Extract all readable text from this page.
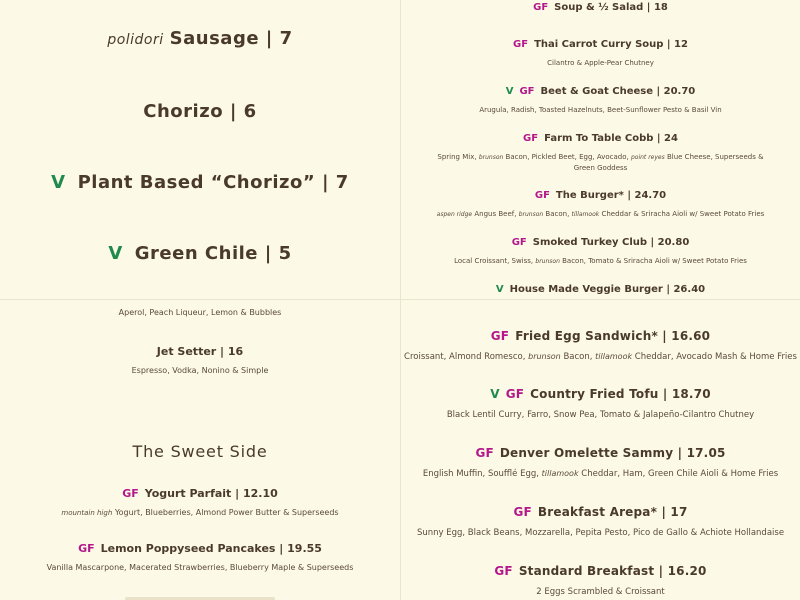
polidori Sausage | 7
Chorizo | 6
V Plant Based “Chorizo” | 7
V Green Chile | 5
GF Soup & ½ Salad | 18
GF Thai Carrot Curry Soup | 12
Cilantro & Apple-Pear Chutney
V GF Beet & Goat Cheese | 20.70
Arugula, Radish, Toasted Hazelnuts, Beet-Sunflower Pesto & Basil Vin
GF Farm To Table Cobb | 24
Spring Mix, brunson Bacon, Pickled Beet, Egg, Avocado, point reyes Blue Cheese, Superseeds & Green Goddess
GF The Burger* | 24.70
aspen ridge Angus Beef, brunson Bacon, tillamook Cheddar & Sriracha Aioli w/ Sweet Potato Fries
GF Smoked Turkey Club | 20.80
Local Croissant, Swiss, brunson Bacon, Tomato & Sriracha Aioli w/ Sweet Potato Fries
V House Made Veggie Burger | 26.40
Aperol, Peach Liqueur, Lemon & Bubbles
Jet Setter | 16
Espresso, Vodka, Nonino & Simple
The Sweet Side
GF Yogurt Parfait | 12.10
mountain high Yogurt, Blueberries, Almond Power Butter & Superseeds
GF Lemon Poppyseed Pancakes | 19.55
Vanilla Mascarpone, Macerated Strawberries, Blueberry Maple & Superseeds
GF Fried Egg Sandwich* | 16.60
Croissant, Almond Romesco, brunson Bacon, tillamook Cheddar, Avocado Mash & Home Fries
V GF Country Fried Tofu | 18.70
Black Lentil Curry, Farro, Snow Pea, Tomato & Jalapeño-Cilantro Chutney
GF Denver Omelette Sammy | 17.05
English Muffin, Soufflé Egg, tillamook Cheddar, Ham, Green Chile Aioli & Home Fries
GF Breakfast Arepa* | 17
Sunny Egg, Black Beans, Mozzarella, Pepita Pesto, Pico de Gallo & Achiote Hollandaise
GF Standard Breakfast | 16.20
2 Eggs Scrambled & Croissant
